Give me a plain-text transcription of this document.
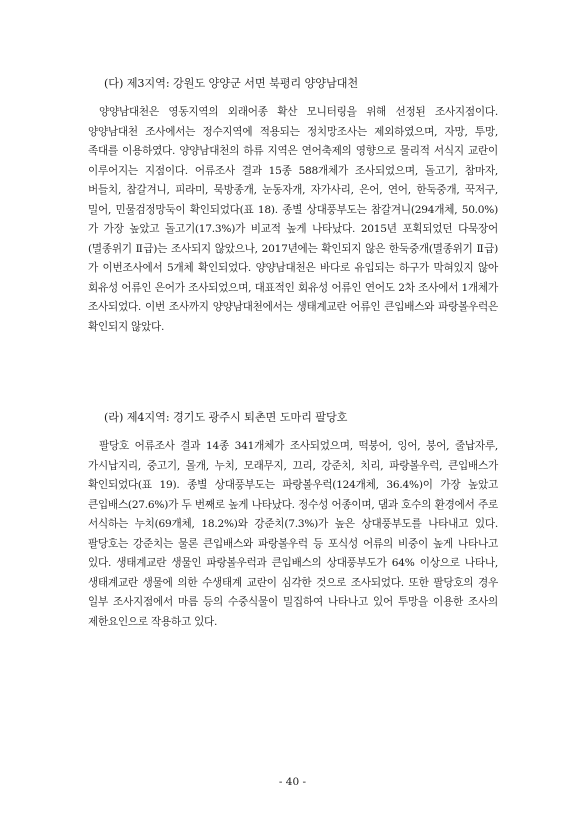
(다) 제3지역: 강원도 양양군 서면 북평리 양양남대천

양양남대천은 영동지역의 외래어종 확산 모니터링을 위해 선정된 조사지점이다. 양양남대천 조사에서는 정수지역에 적용되는 정치망조사는 제외하였으며, 자망, 투망, 족대를 이용하였다. 양양남대천의 하류 지역은 연어축제의 영향으로 물리적 서식지 교란이 이루어지는 지점이다. 어류조사 결과 15종 588개체가 조사되었으며, 돌고기, 참마자, 버들치, 참갈겨니, 피라미, 묵방종개, 눈동자개, 자가사리, 은어, 연어, 한둑중개, 꾹저구, 밀어, 민물검정망둑이 확인되었다(표 18). 종별 상대풍부도는 참갈겨니(294개체, 50.0%)가 가장 높았고 돌고기(17.3%)가 비교적 높게 나타났다. 2015년 포획되었던 다묵장어(멸종위기 Ⅱ급)는 조사되지 않았으나, 2017년에는 확인되지 않은 한둑중개(멸종위기 Ⅱ급)가 이번조사에서 5개체 확인되었다. 양양남대천은 바다로 유입되는 하구가 막혀있지 않아 회유성 어류인 은어가 조사되었으며, 대표적인 회유성 어류인 연어도 2차 조사에서 1개체가 조사되었다. 이번 조사까지 양양남대천에서는 생태계교란 어류인 큰입배스와 파랑볼우럭은 확인되지 않았다.

(라) 제4지역: 경기도 광주시 퇴촌면 도마리 팔당호

팔당호 어류조사 결과 14종 341개체가 조사되었으며, 떡붕어, 잉어, 붕어, 줄납자루, 가시납지리, 중고기, 몰개, 누치, 모래무지, 끄리, 강준치, 치리, 파랑볼우럭, 큰입배스가 확인되었다(표 19). 종별 상대풍부도는 파랑볼우럭(124개체, 36.4%)이 가장 높았고 큰입배스(27.6%)가 두 번째로 높게 나타났다. 정수성 어종이며, 댐과 호수의 환경에서 주로 서식하는 누치(69개체, 18.2%)와 강준치(7.3%)가 높은 상대풍부도를 나타내고 있다. 팔당호는 강준치는 물론 큰입배스와 파랑볼우럭 등 포식성 어류의 비중이 높게 나타나고 있다. 생태계교란 생물인 파랑볼우럭과 큰입배스의 상대풍부도가 64% 이상으로 나타나, 생태계교란 생물에 의한 수생태계 교란이 심각한 것으로 조사되었다. 또한 팔당호의 경우 일부 조사지점에서 마름 등의 수중식물이 밀집하여 나타나고 있어 투망을 이용한 조사의 제한요인으로 작용하고 있다.

- 40 -
